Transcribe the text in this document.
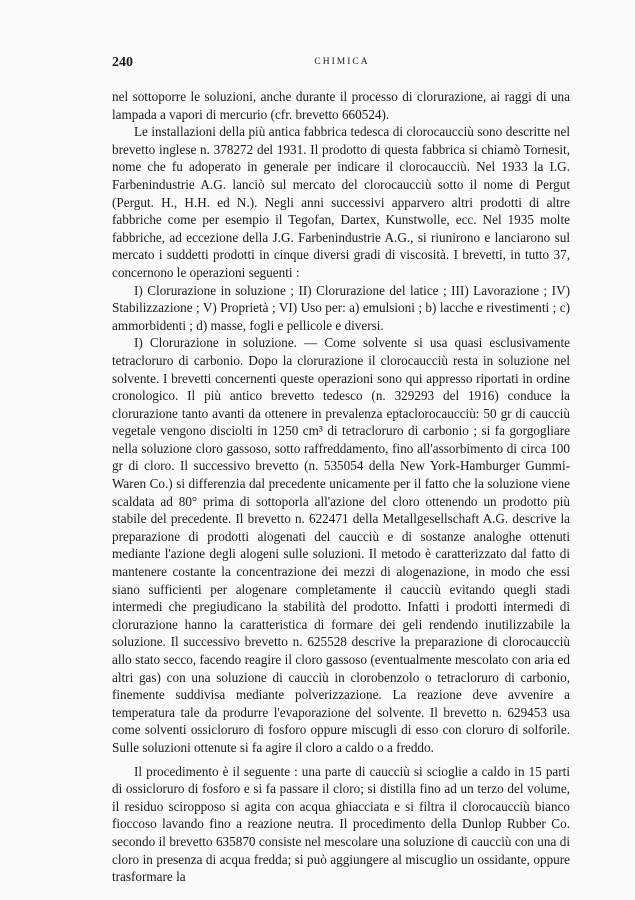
240	CHIMICA

nel sottoporre le soluzioni, anche durante il processo di clorurazione, ai raggi di una lampada a vapori di mercurio (cfr. brevetto 660524).

Le installazioni della più antica fabbrica tedesca di clorocaucciù sono descritte nel brevetto inglese n. 378272 del 1931. Il prodotto di questa fabbrica si chiamò Tornesit, nome che fu adoperato in generale per indicare il clorocaucciù. Nel 1933 la I.G. Farbenindustrie A.G. lanciò sul mercato del clorocaucciù sotto il nome di Pergut (Pergut. H., H.H. ed N.). Negli anni successivi apparvero altri prodotti di altre fabbriche come per esempio il Tegofan, Dartex, Kunstwolle, ecc. Nel 1935 molte fabbriche, ad eccezione della J.G. Farbenindustrie A.G., si riunirono e lanciarono sul mercato i suddetti prodotti in cinque diversi gradi di viscosità. I brevetti, in tutto 37, concernono le operazioni seguenti :

I) Clorurazione in soluzione ; II) Clorurazione del latice ; III) Lavorazione ; IV) Stabilizzazione ; V) Proprietà ; VI) Uso per: a) emulsioni ; b) lacche e rivestimenti ; c) ammorbidenti ; d) masse, fogli e pellicole e diversi.

I) Clorurazione in soluzione. — Come solvente si usa quasi esclusivamente tetracloruro di carbonio. Dopo la clorurazione il clorocaucciù resta in soluzione nel solvente. I brevetti concernenti queste operazioni sono qui appresso riportati in ordine cronologico. Il più antico brevetto tedesco (n. 329293 del 1916) conduce la clorurazione tanto avanti da ottenere in prevalenza eptaclorocaucciù: 50 gr di caucciù vegetale vengono disciolti in 1250 cm³ di tetracloruro di carbonio ; si fa gorgogliare nella soluzione cloro gassoso, sotto raffreddamento, fino all'assorbimento di circa 100 gr di cloro. Il successivo brevetto (n. 535054 della New York-Hamburger Gummi-Waren Co.) si differenzia dal precedente unicamente per il fatto che la soluzione viene scaldata ad 80° prima di sottoporla all'azione del cloro ottenendo un prodotto più stabile del precedente. Il brevetto n. 622471 della Metallgesellschaft A.G. descrive la preparazione di prodotti alogenati del caucciù e di sostanze analoghe ottenuti mediante l'azione degli alogeni sulle soluzioni. Il metodo è caratterizzato dal fatto di mantenere costante la concentrazione dei mezzi di alogenazione, in modo che essi siano sufficienti per alogenare completamente il caucciù evitando quegli stadi intermedi che pregiudicano la stabilità del prodotto. Infatti i prodotti intermedi di clorurazione hanno la caratteristica di formare dei geli rendendo inutilizzabile la soluzione. Il successivo brevetto n. 625528 descrive la preparazione di clorocaucciù allo stato secco, facendo reagire il cloro gassoso (eventualmente mescolato con aria ed altri gas) con una soluzione di caucciù in clorobenzolo o tetracloruro di carbonio, finemente suddivisa mediante polverizzazione. La reazione deve avvenire a temperatura tale da produrre l'evaporazione del solvente. Il brevetto n. 629453 usa come solventi ossicloruro di fosforo oppure miscugli di esso con cloruro di solforile. Sulle soluzioni ottenute si fa agire il cloro a caldo o a freddo.

Il procedimento è il seguente : una parte di caucciù si scioglie a caldo in 15 parti di ossicloruro di fosforo e si fa passare il cloro; si distilla fino ad un terzo del volume, il residuo sciropposo si agita con acqua ghiacciata e si filtra il clorocaucciù bianco fioccoso lavando fino a reazione neutra. Il procedimento della Dunlop Rubber Co. secondo il brevetto 635870 consiste nel mescolare una soluzione di caucciù con una di cloro in presenza di acqua fredda; si può aggiungere al miscuglio un ossidante, oppure trasformare la
